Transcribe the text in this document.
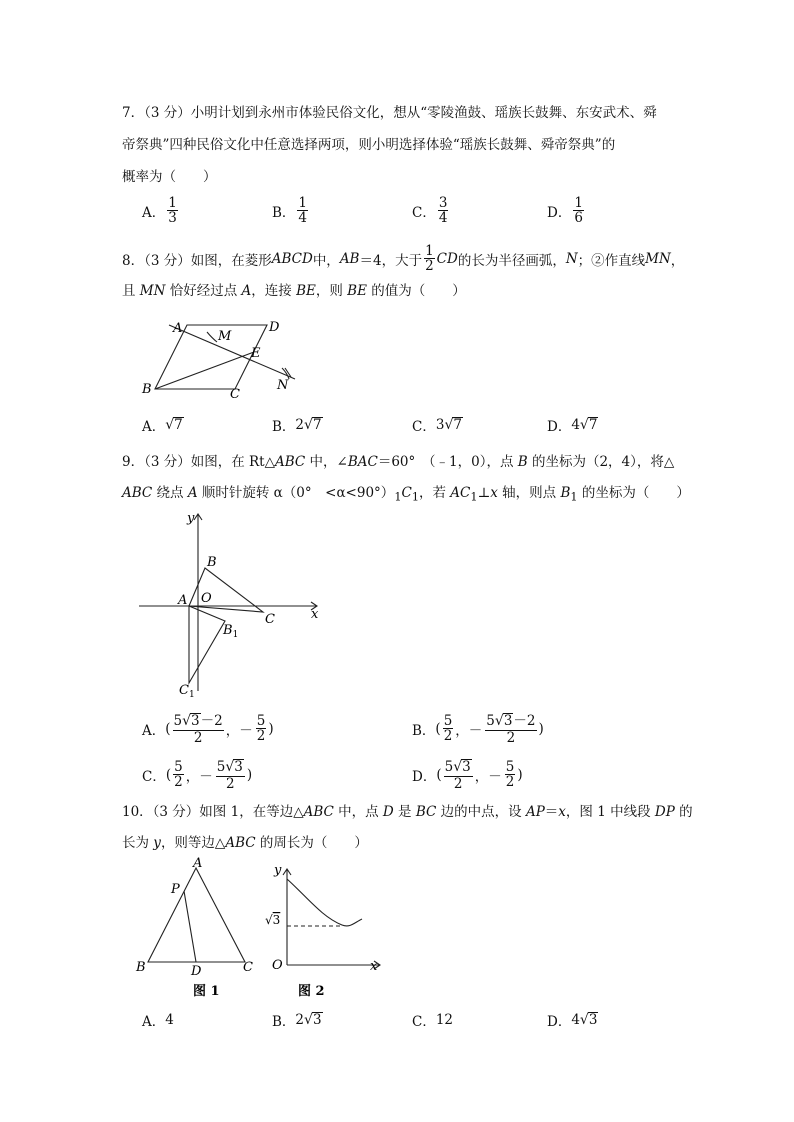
7．（3 分）小明计划到永州市体验民俗文化，想从“零陵渔鼓、瑶族长鼓舞、东安武术、舜
帝祭典”四种民俗文化中任意选择两项，则小明选择体验“瑶族长鼓舞、舜帝祭典”的
概率为（　　）
A． $\frac{1}{3}$	B． $\frac{1}{4}$	C． $\frac{3}{4}$	D． $\frac{1}{6}$
8．（3 分）如图，在菱形 ABCD 中， AB ＝4，大于 $\frac{1}{2}$ CD 的长为半径画弧， N ；②作直线 MN ，
且 MN 恰好经过点 A，连接 BE，则 BE 的值为（　　）
A
M
D
E
B	C
N
A． √ 7	B． 2 √ 7	C． 3 √ 7	D． 4 √ 7
9．（3 分）如图，在 Rt△ABC 中，∠BAC＝60°　（﹣1，0），点 B 的坐标为（2，4），将△
ABC 绕点 A 顺时针旋转 α（0°　$<\alpha<90^\circ)_1C_1$，若 $AC_1\perp x$ 轴，则点 $B_1$ 的坐标为（　　）
y
x
B
A O
C
$B_1$
$C_1$
A． ( $\frac{5√3-2}{2}$ ， － $\frac{5}{2}$ )	B． ( $\frac{5}{2}$ ， － $\frac{5√3-2}{2}$ )
C． ( $\frac{5}{2}$ ， － $\frac{5√3}{2}$ )	D． ( $\frac{5√3}{2}$ ， － $\frac{5}{2}$ )
10．（3 分）如图 1，在等边△ABC 中，点 D 是 BC 边的中点，设 AP＝x，图 1 中线段 DP 的
长为 y，则等边△ABC 的周长为（　　）
A
P
B	D	C
图 1
y
x
O
√3
图 2
A． 4	B． 2 √ 3	C． 12	D． 4 √ 3
